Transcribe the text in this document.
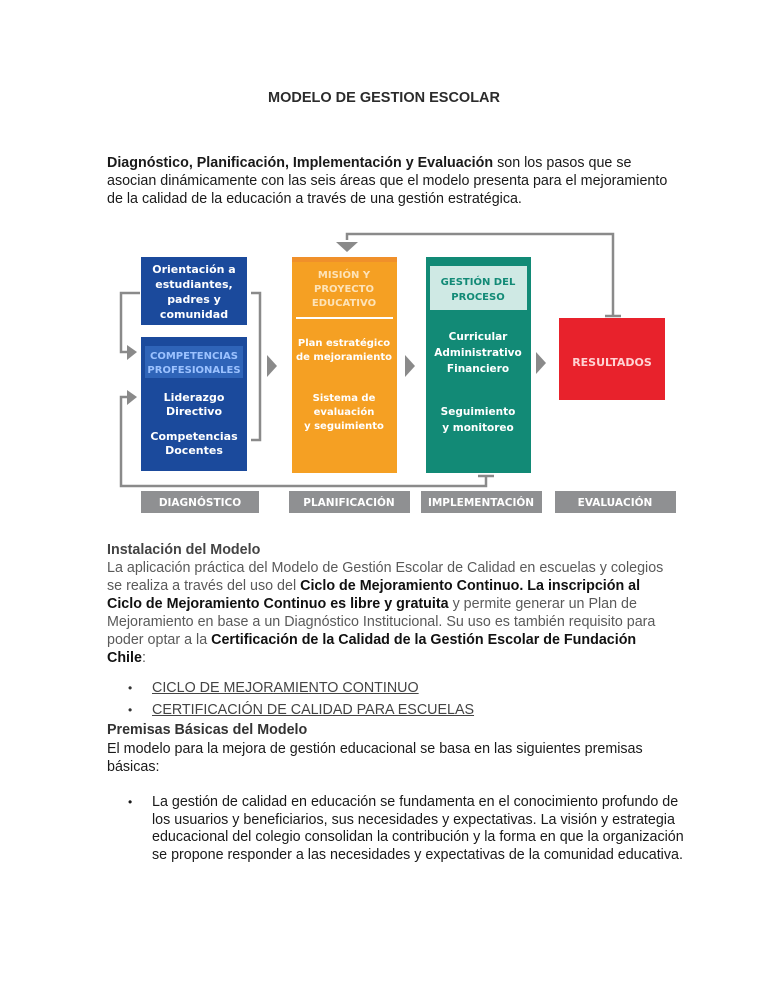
MODELO DE GESTION ESCOLAR
Diagnóstico, Planificación, Implementación y Evaluación son los pasos que se asocian dinámicamente con las seis áreas que el modelo presenta para el mejoramiento de la calidad de la educación a través de una gestión estratégica.
Orientación a
estudiantes,
padres y
comunidad
COMPETENCIAS
PROFESIONALES
Liderazgo
Directivo
Competencias
Docentes
MISIÓN Y
PROYECTO
EDUCATIVO
Plan estratégico
de mejoramiento
Sistema de
evaluación
y seguimiento
GESTIÓN DEL
PROCESO
Curricular
Administrativo
Financiero
Seguimiento
y monitoreo
RESULTADOS
DIAGNÓSTICO	PLANIFICACIÓN	IMPLEMENTACIÓN	EVALUACIÓN
Instalación del Modelo
La aplicación práctica del Modelo de Gestión Escolar de Calidad en escuelas y colegios se realiza a través del uso del Ciclo de Mejoramiento Continuo. La inscripción al Ciclo de Mejoramiento Continuo es libre y gratuita y permite generar un Plan de Mejoramiento en base a un Diagnóstico Institucional. Su uso es también requisito para poder optar a la Certificación de la Calidad de la Gestión Escolar de Fundación Chile:
• CICLO DE MEJORAMIENTO CONTINUO
• CERTIFICACIÓN DE CALIDAD PARA ESCUELAS
Premisas Básicas del Modelo
El modelo para la mejora de gestión educacional se basa en las siguientes premisas básicas:
• La gestión de calidad en educación se fundamenta en el conocimiento profundo de los usuarios y beneficiarios, sus necesidades y expectativas. La visión y estrategia educacional del colegio consolidan la contribución y la forma en que la organización se propone responder a las necesidades y expectativas de la comunidad educativa.
